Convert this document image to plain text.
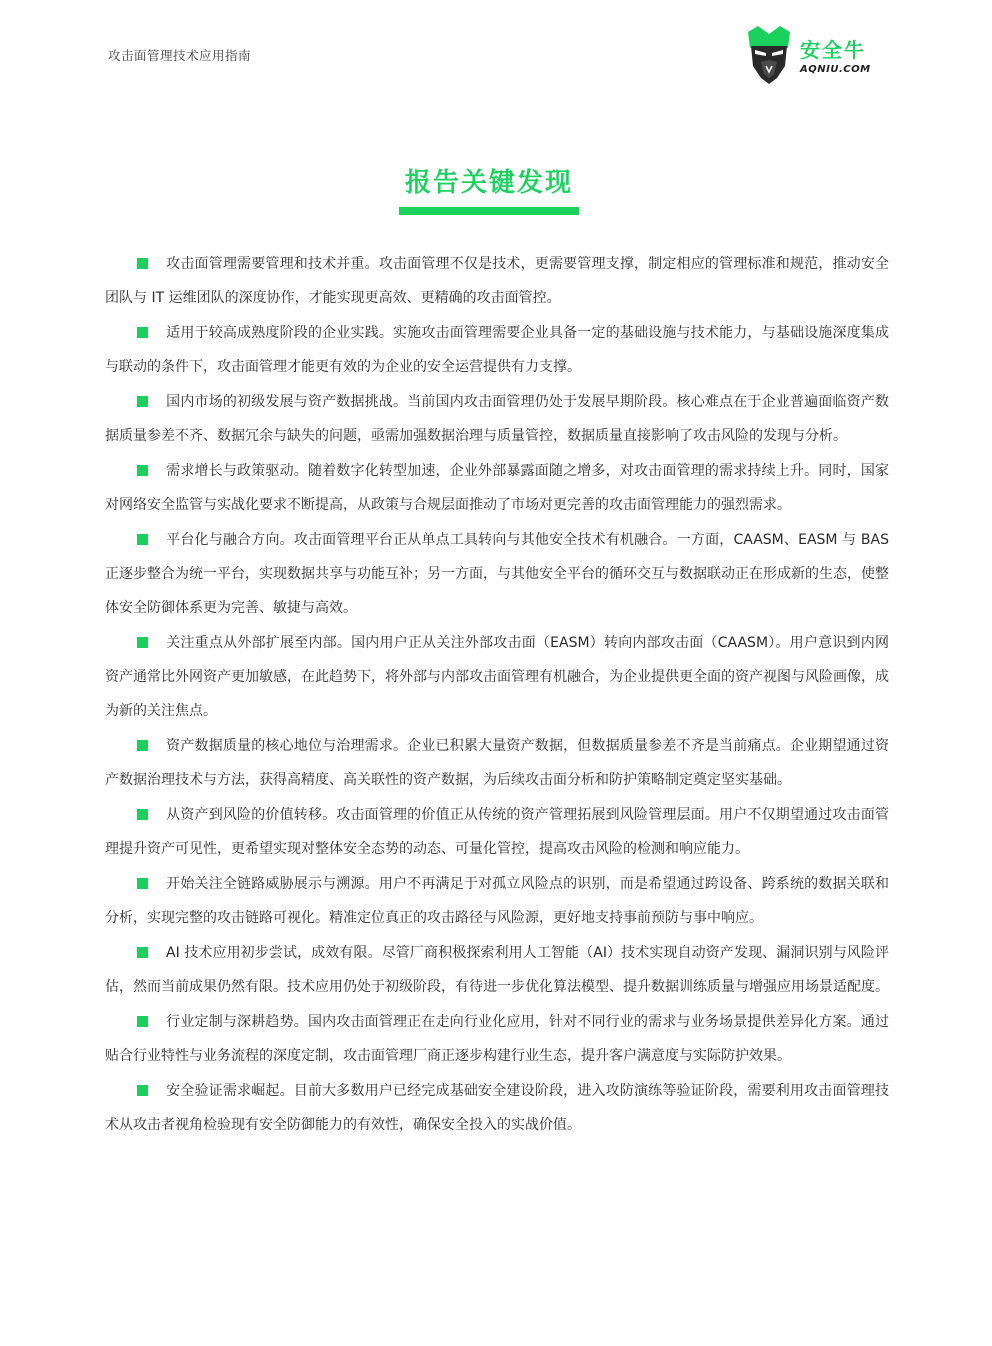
攻击面管理技术应用指南	安全牛
AQNIU.COM
报告关键发现
攻击面管理需要管理和技术并重。攻击面管理不仅是技术，更需要管理支撑，制定相应的管理标准和规范，推动安全团队与 IT 运维团队的深度协作，才能实现更高效、更精确的攻击面管控。
适用于较高成熟度阶段的企业实践。实施攻击面管理需要企业具备一定的基础设施与技术能力，与基础设施深度集成与联动的条件下，攻击面管理才能更有效的为企业的安全运营提供有力支撑。
国内市场的初级发展与资产数据挑战。当前国内攻击面管理仍处于发展早期阶段。核心难点在于企业普遍面临资产数据质量参差不齐、数据冗余与缺失的问题，亟需加强数据治理与质量管控，数据质量直接影响了攻击风险的发现与分析。
需求增长与政策驱动。随着数字化转型加速，企业外部暴露面随之增多，对攻击面管理的需求持续上升。同时，国家对网络安全监管与实战化要求不断提高，从政策与合规层面推动了市场对更完善的攻击面管理能力的强烈需求。
平台化与融合方向。攻击面管理平台正从单点工具转向与其他安全技术有机融合。一方面，CAASM、EASM 与 BAS 正逐步整合为统一平台，实现数据共享与功能互补；另一方面，与其他安全平台的循环交互与数据联动正在形成新的生态，使整体安全防御体系更为完善、敏捷与高效。
关注重点从外部扩展至内部。国内用户正从关注外部攻击面（EASM）转向内部攻击面（CAASM）。用户意识到内网资产通常比外网资产更加敏感，在此趋势下，将外部与内部攻击面管理有机融合，为企业提供更全面的资产视图与风险画像，成为新的关注焦点。
资产数据质量的核心地位与治理需求。企业已积累大量资产数据，但数据质量参差不齐是当前痛点。企业期望通过资产数据治理技术与方法，获得高精度、高关联性的资产数据，为后续攻击面分析和防护策略制定奠定坚实基础。
从资产到风险的价值转移。攻击面管理的价值正从传统的资产管理拓展到风险管理层面。用户不仅期望通过攻击面管理提升资产可见性，更希望实现对整体安全态势的动态、可量化管控，提高攻击风险的检测和响应能力。
开始关注全链路威胁展示与溯源。用户不再满足于对孤立风险点的识别，而是希望通过跨设备、跨系统的数据关联和分析，实现完整的攻击链路可视化。精准定位真正的攻击路径与风险源，更好地支持事前预防与事中响应。
AI 技术应用初步尝试，成效有限。尽管厂商积极探索利用人工智能（AI）技术实现自动资产发现、漏洞识别与风险评估，然而当前成果仍然有限。技术应用仍处于初级阶段，有待进一步优化算法模型、提升数据训练质量与增强应用场景适配度。
行业定制与深耕趋势。国内攻击面管理正在走向行业化应用，针对不同行业的需求与业务场景提供差异化方案。通过贴合行业特性与业务流程的深度定制，攻击面管理厂商正逐步构建行业生态，提升客户满意度与实际防护效果。
安全验证需求崛起。目前大多数用户已经完成基础安全建设阶段，进入攻防演练等验证阶段，需要利用攻击面管理技术从攻击者视角检验现有安全防御能力的有效性，确保安全投入的实战价值。
